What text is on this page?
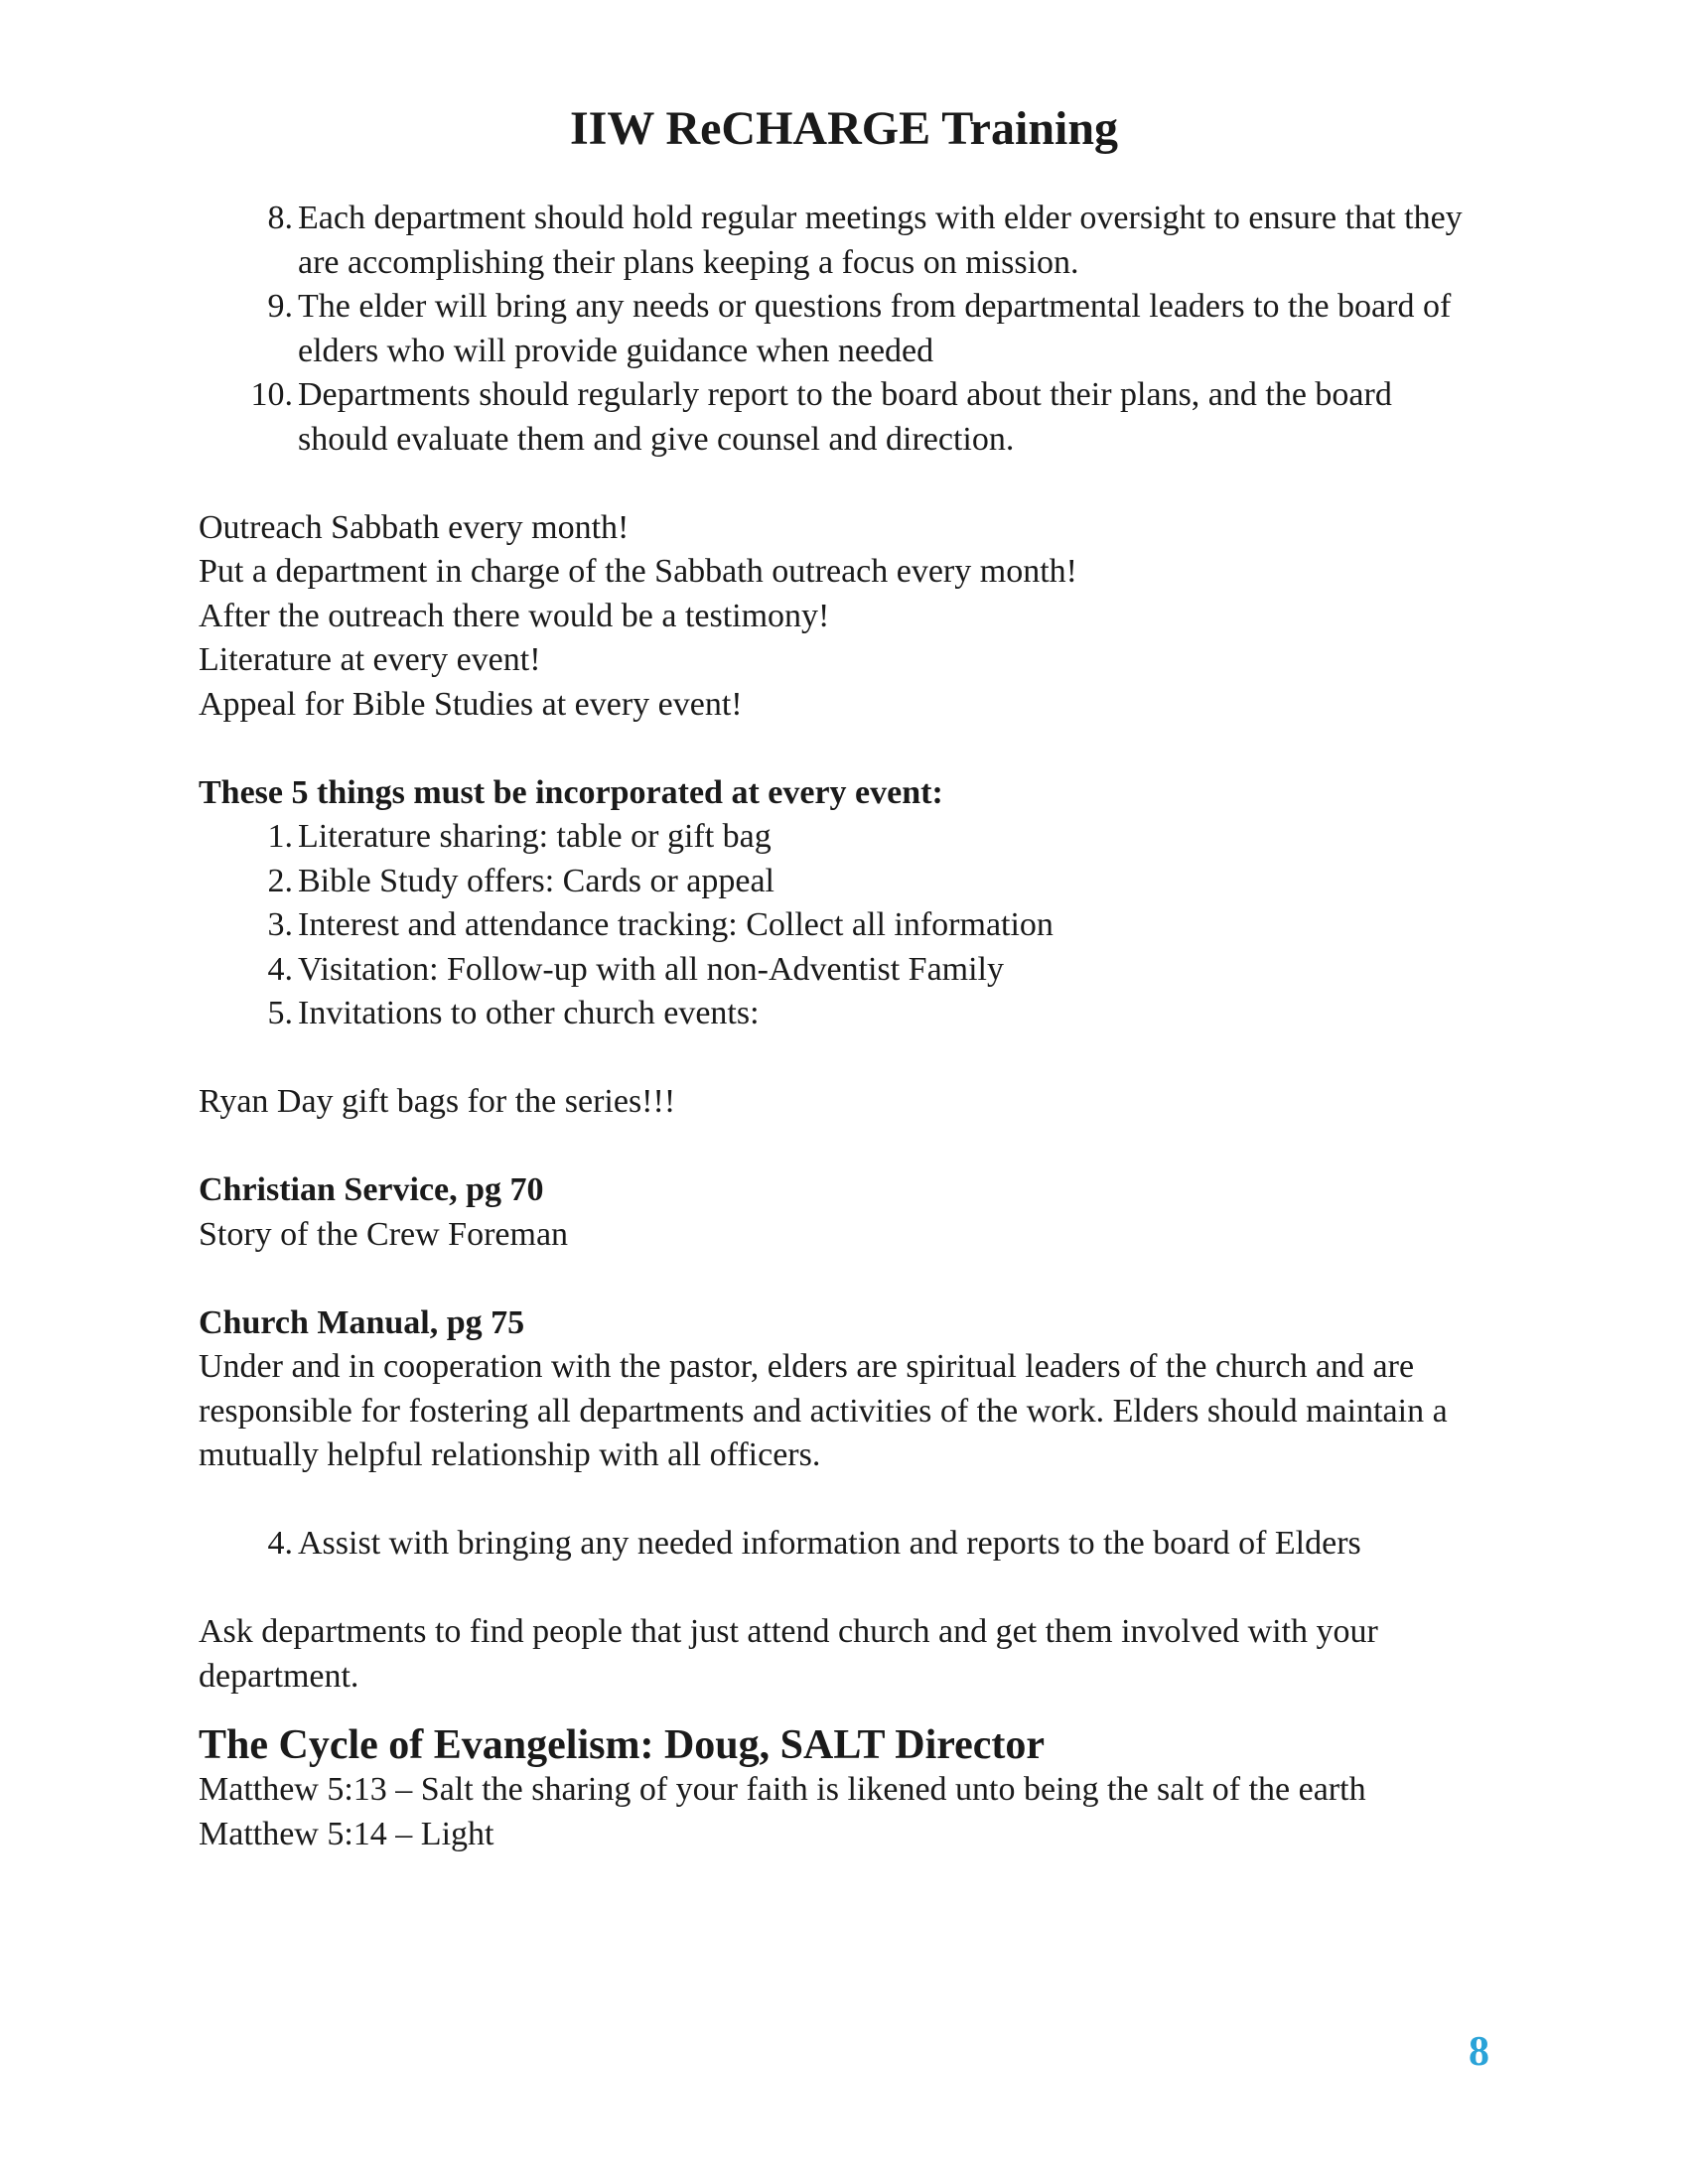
IIW ReCHARGE Training
8. Each department should hold regular meetings with elder oversight to ensure that they are accomplishing their plans keeping a focus on mission.
9. The elder will bring any needs or questions from departmental leaders to the board of elders who will provide guidance when needed
10. Departments should regularly report to the board about their plans, and the board should evaluate them and give counsel and direction.

Outreach Sabbath every month!

Put a department in charge of the Sabbath outreach every month!

After the outreach there would be a testimony!

Literature at every event!

Appeal for Bible Studies at every event!

These 5 things must be incorporated at every event:

1. Literature sharing: table or gift bag
2. Bible Study offers: Cards or appeal
3. Interest and attendance tracking: Collect all information
4. Visitation: Follow-up with all non-Adventist Family
5. Invitations to other church events:

Ryan Day gift bags for the series!!!

Christian Service, pg 70

Story of the Crew Foreman

Church Manual, pg 75

Under and in cooperation with the pastor, elders are spiritual leaders of the church and are responsible for fostering all departments and activities of the work. Elders should maintain a mutually helpful relationship with all officers.

4. Assist with bringing any needed information and reports to the board of Elders

Ask departments to find people that just attend church and get them involved with your department.

The Cycle of Evangelism: Doug, SALT Director

Matthew 5:13 – Salt the sharing of your faith is likened unto being the salt of the earth

Matthew 5:14 – Light

8
